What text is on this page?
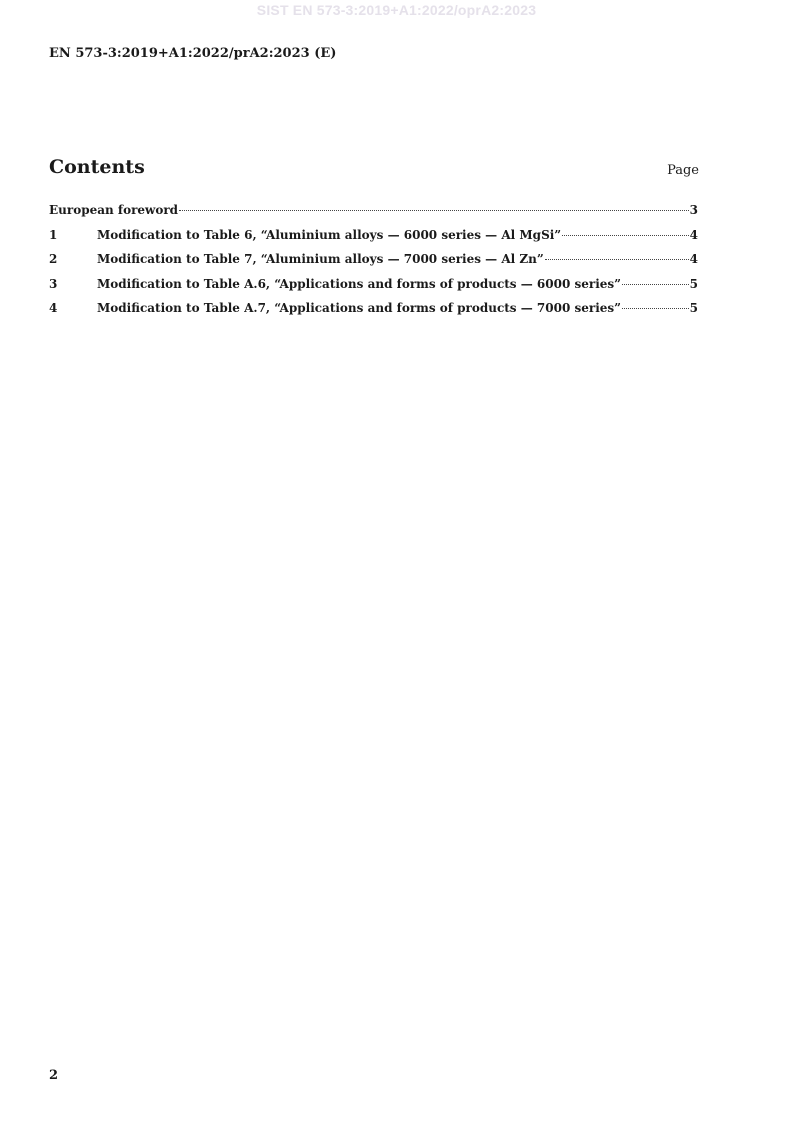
SIST EN 573-3:2019+A1:2022/oprA2:2023
EN 573-3:2019+A1:2022/prA2:2023 (E)
Contents	Page
European foreword	3
1	Modification to Table 6, “Aluminium alloys — 6000 series — Al MgSi”	4
2	Modification to Table 7, “Aluminium alloys — 7000 series — Al Zn”	4
3	Modification to Table A.6, “Applications and forms of products — 6000 series”	5
4	Modification to Table A.7, “Applications and forms of products — 7000 series”	5
2
